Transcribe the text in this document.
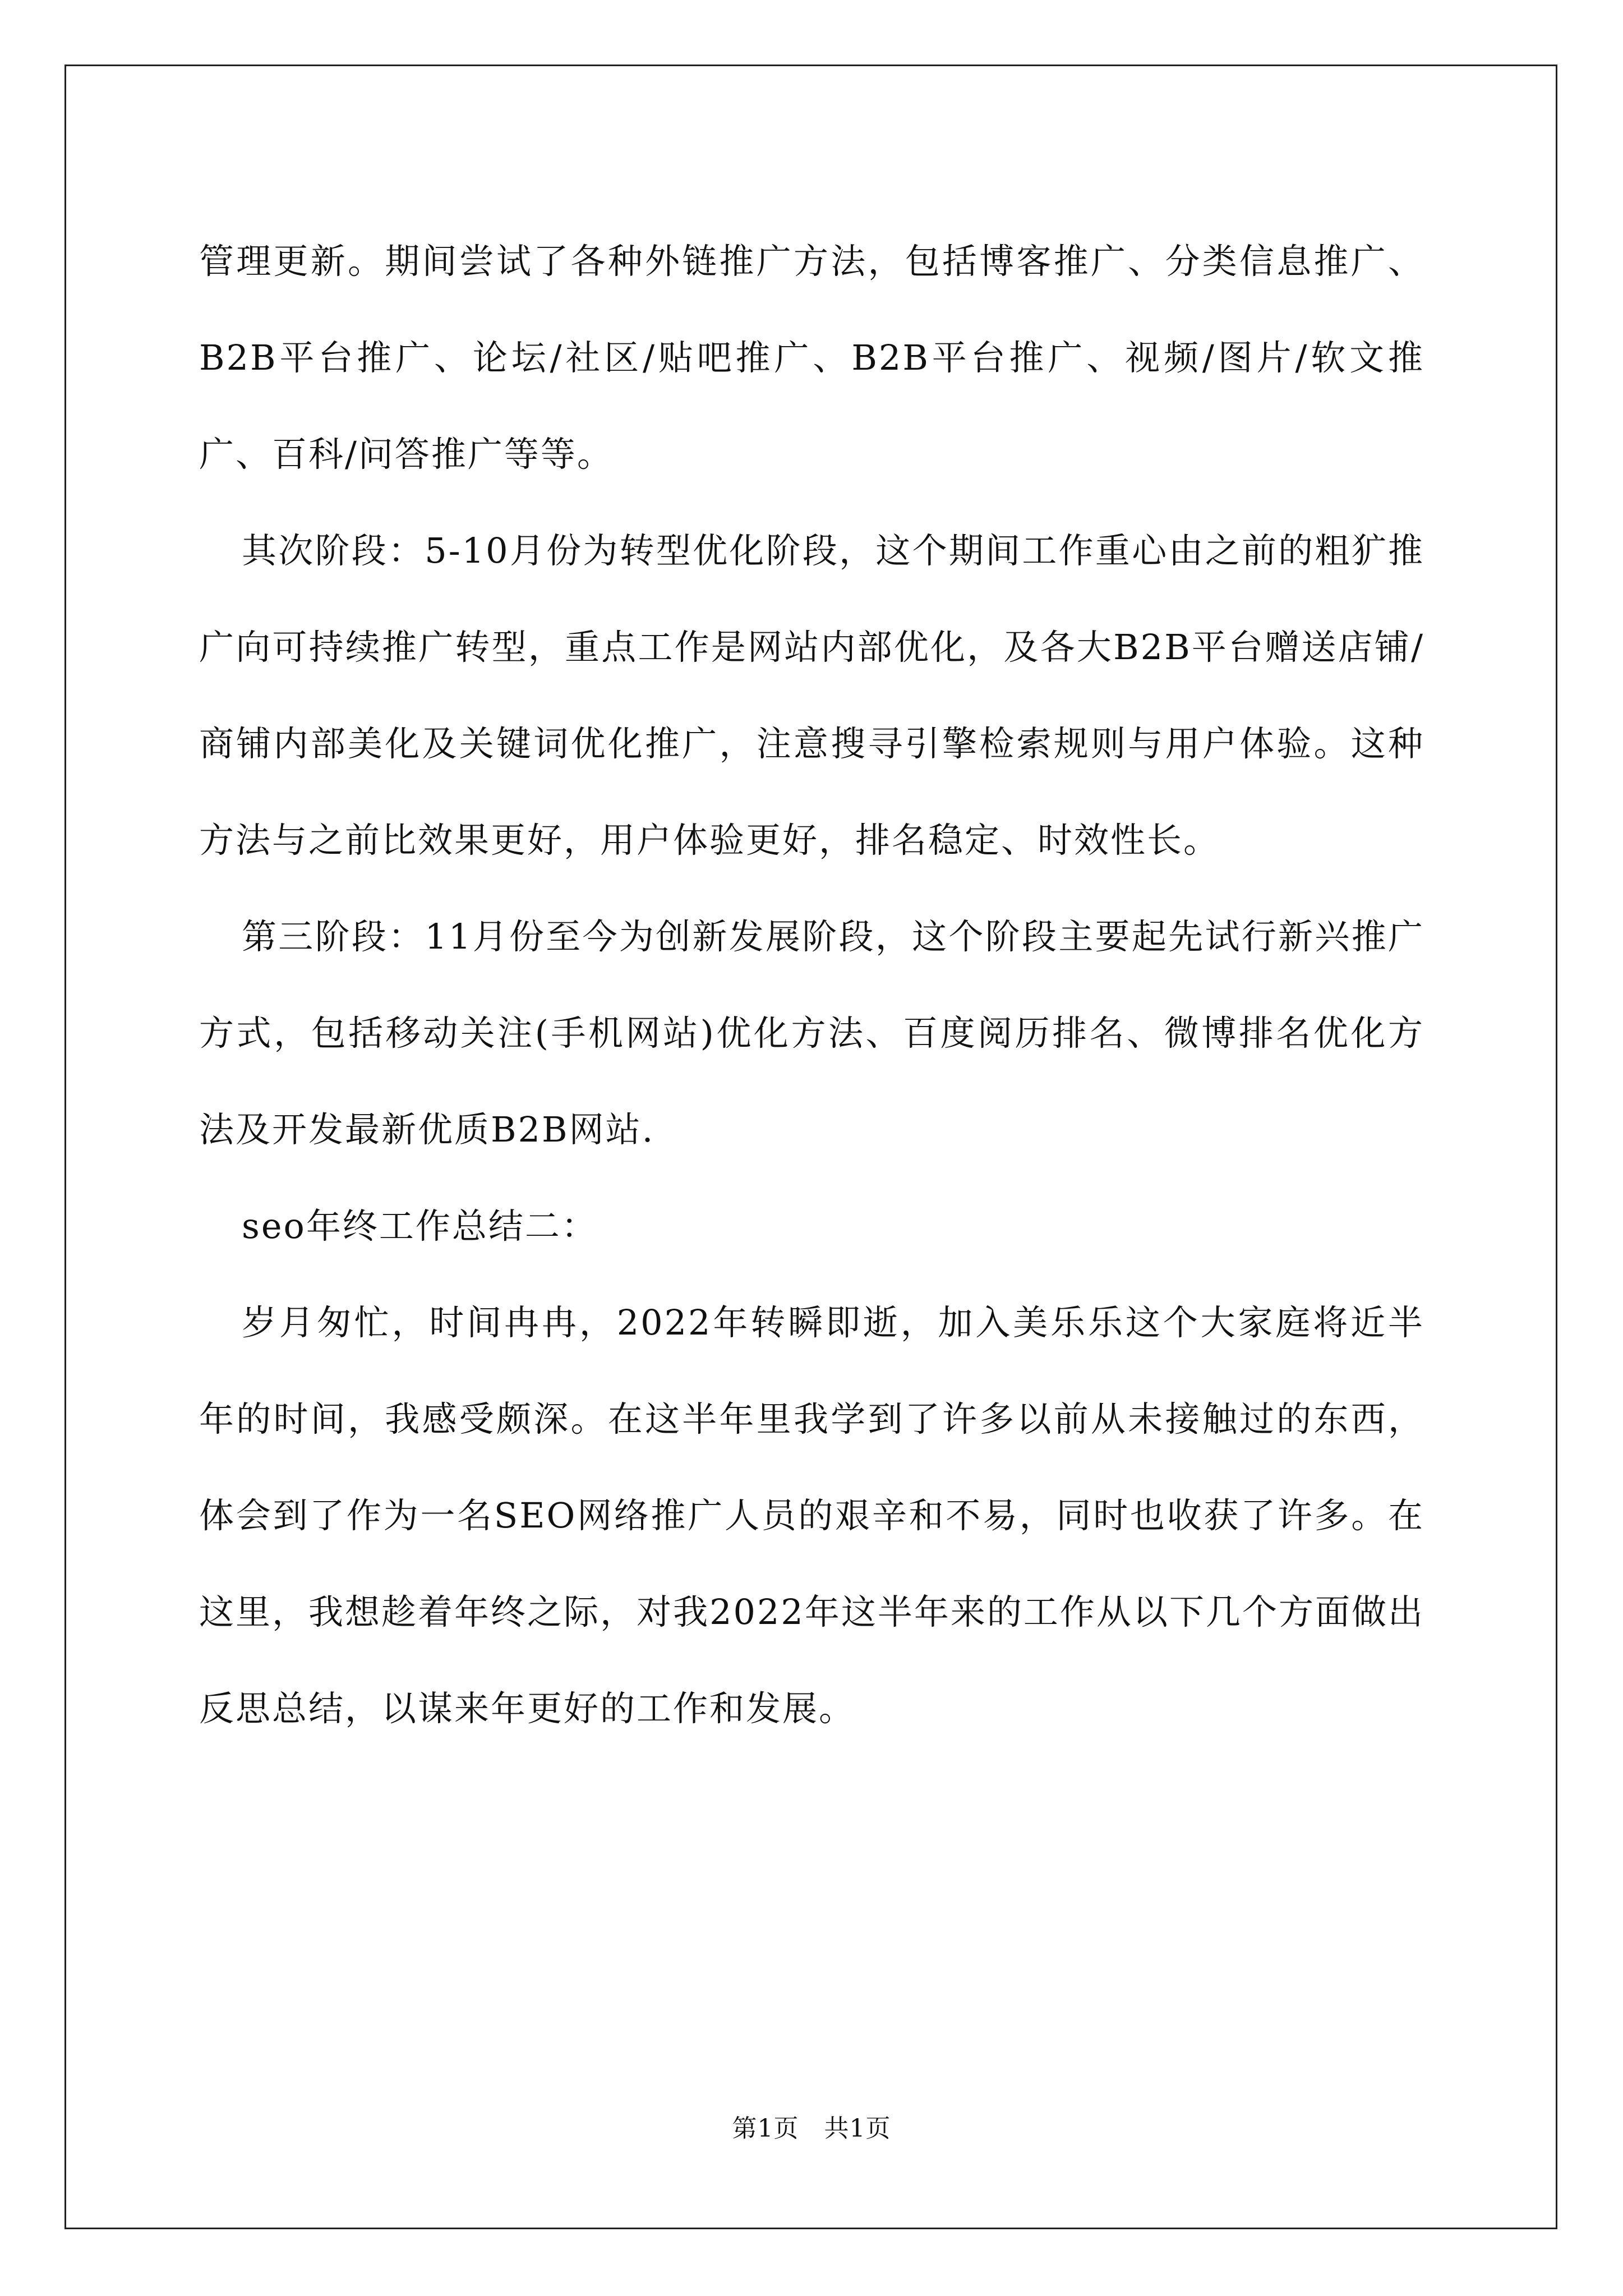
管理更新。期间尝试了各种外链推广方法，包括博客推广、分类信息推广、B2B平台推广、论坛/社区/贴吧推广、B2B平台推广、视频/图片/软文推广、百科/问答推广等等。

其次阶段：5-10月份为转型优化阶段，这个期间工作重心由之前的粗犷推广向可持续推广转型，重点工作是网站内部优化，及各大B2B平台赠送店铺/商铺内部美化及关键词优化推广，注意搜寻引擎检索规则与用户体验。这种方法与之前比效果更好，用户体验更好，排名稳定、时效性长。

第三阶段：11月份至今为创新发展阶段，这个阶段主要起先试行新兴推广方式，包括移动关注(手机网站)优化方法、百度阅历排名、微博排名优化方法及开发最新优质B2B网站.

seo年终工作总结二：

岁月匆忙，时间冉冉，2022年转瞬即逝，加入美乐乐这个大家庭将近半年的时间，我感受颇深。在这半年里我学到了许多以前从未接触过的东西，体会到了作为一名SEO网络推广人员的艰辛和不易，同时也收获了许多。在这里，我想趁着年终之际，对我2022年这半年来的工作从以下几个方面做出反思总结，以谋来年更好的工作和发展。

第1页　共1页
